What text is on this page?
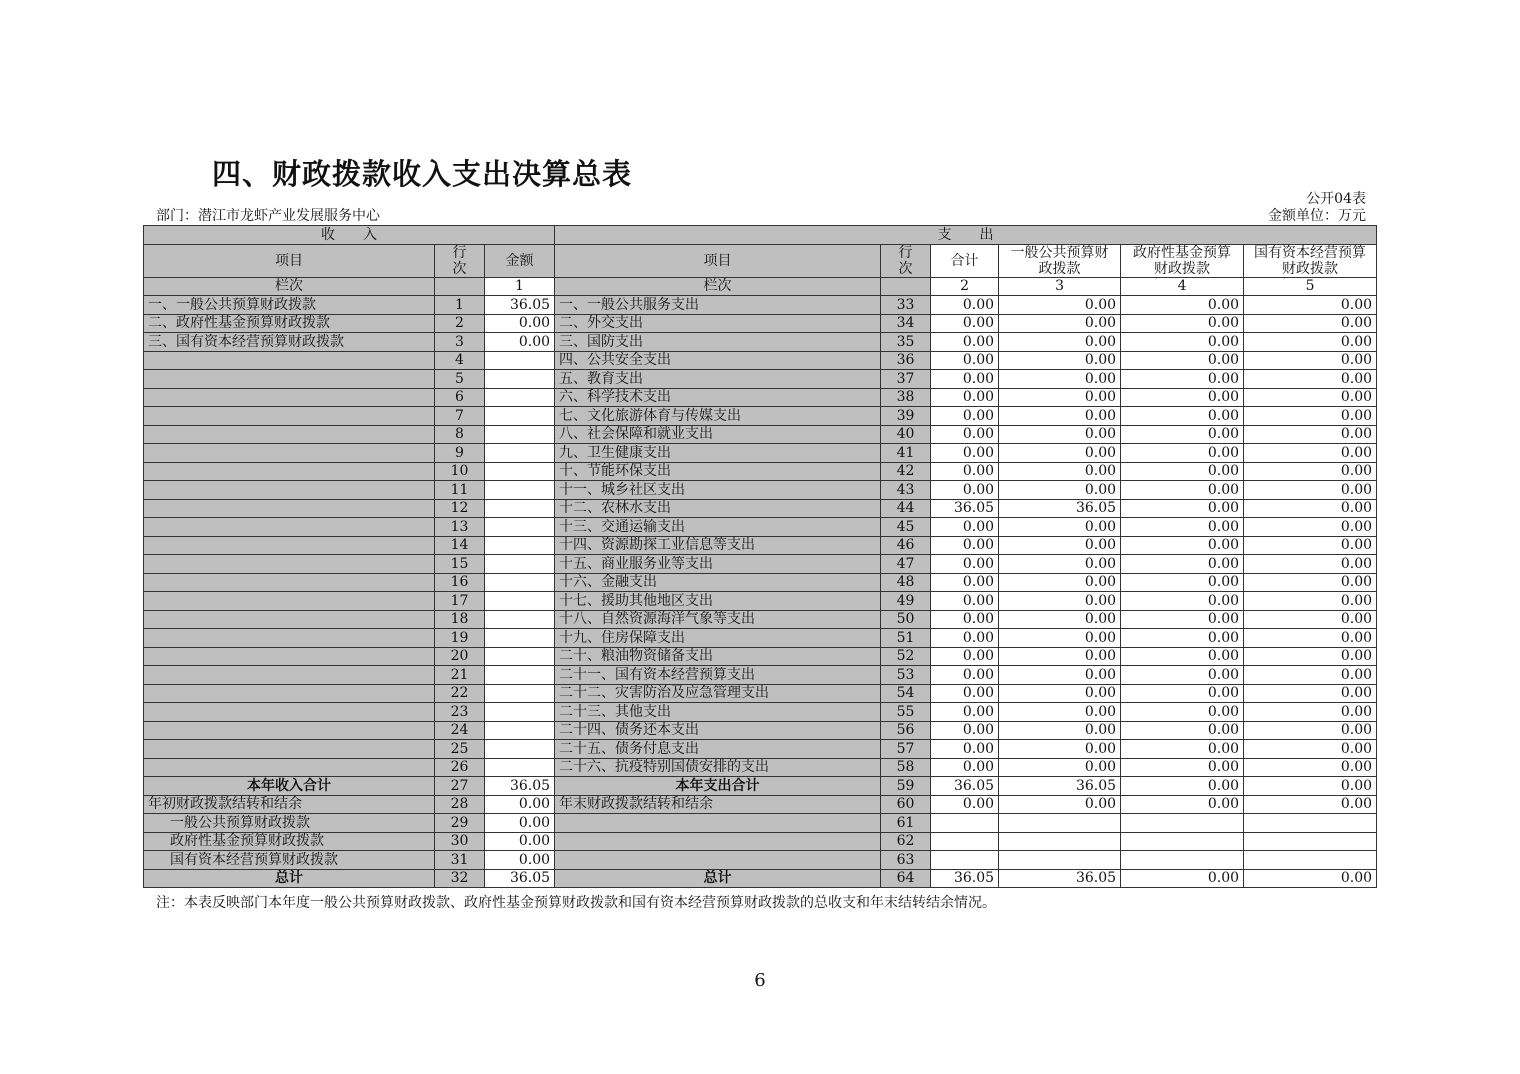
四、财政拨款收入支出决算总表
公开04表
部门：潜江市龙虾产业发展服务中心	金额单位：万元
收　　入			支　　出					
项目	行次	金额	项目	行次	合计	一般公共预算财政拨款	政府性基金预算财政拨款	国有资本经营预算财政拨款
栏次		1	栏次		2	3	4	5
一、一般公共预算财政拨款	1	36.05	一、一般公共服务支出	33	0.00	0.00	0.00	0.00
二、政府性基金预算财政拨款	2	0.00	二、外交支出	34	0.00	0.00	0.00	0.00
三、国有资本经营预算财政拨款	3	0.00	三、国防支出	35	0.00	0.00	0.00	0.00
	4		四、公共安全支出	36	0.00	0.00	0.00	0.00
	5		五、教育支出	37	0.00	0.00	0.00	0.00
	6		六、科学技术支出	38	0.00	0.00	0.00	0.00
	7		七、文化旅游体育与传媒支出	39	0.00	0.00	0.00	0.00
	8		八、社会保障和就业支出	40	0.00	0.00	0.00	0.00
	9		九、卫生健康支出	41	0.00	0.00	0.00	0.00
	10		十、节能环保支出	42	0.00	0.00	0.00	0.00
	11		十一、城乡社区支出	43	0.00	0.00	0.00	0.00
	12		十二、农林水支出	44	36.05	36.05	0.00	0.00
	13		十三、交通运输支出	45	0.00	0.00	0.00	0.00
	14		十四、资源勘探工业信息等支出	46	0.00	0.00	0.00	0.00
	15		十五、商业服务业等支出	47	0.00	0.00	0.00	0.00
	16		十六、金融支出	48	0.00	0.00	0.00	0.00
	17		十七、援助其他地区支出	49	0.00	0.00	0.00	0.00
	18		十八、自然资源海洋气象等支出	50	0.00	0.00	0.00	0.00
	19		十九、住房保障支出	51	0.00	0.00	0.00	0.00
	20		二十、粮油物资储备支出	52	0.00	0.00	0.00	0.00
	21		二十一、国有资本经营预算支出	53	0.00	0.00	0.00	0.00
	22		二十二、灾害防治及应急管理支出	54	0.00	0.00	0.00	0.00
	23		二十三、其他支出	55	0.00	0.00	0.00	0.00
	24		二十四、债务还本支出	56	0.00	0.00	0.00	0.00
	25		二十五、债务付息支出	57	0.00	0.00	0.00	0.00
	26		二十六、抗疫特别国债安排的支出	58	0.00	0.00	0.00	0.00
本年收入合计	27	36.05	本年支出合计	59	36.05	36.05	0.00	0.00
年初财政拨款结转和结余	28	0.00	年末财政拨款结转和结余	60	0.00	0.00	0.00	0.00
一般公共预算财政拨款	29	0.00		61				
政府性基金预算财政拨款	30	0.00		62				
国有资本经营预算财政拨款	31	0.00		63				
总计	32	36.05	总计	64	36.05	36.05	0.00	0.00
注：本表反映部门本年度一般公共预算财政拨款、政府性基金预算财政拨款和国有资本经营预算财政拨款的总收支和年末结转结余情况。
6
